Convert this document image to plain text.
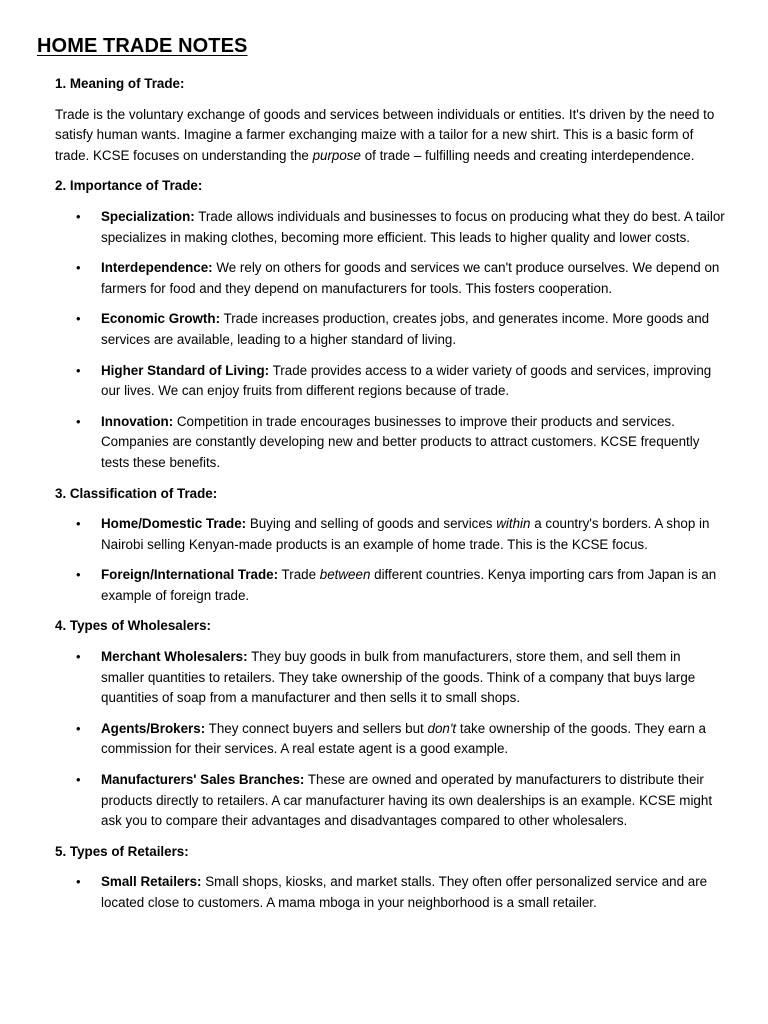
HOME TRADE NOTES

1. Meaning of Trade:

Trade is the voluntary exchange of goods and services between individuals or entities. It's driven by the need to satisfy human wants. Imagine a farmer exchanging maize with a tailor for a new shirt. This is a basic form of trade. KCSE focuses on understanding the purpose of trade – fulfilling needs and creating interdependence.

2. Importance of Trade:

• Specialization: Trade allows individuals and businesses to focus on producing what they do best. A tailor specializes in making clothes, becoming more efficient. This leads to higher quality and lower costs.
• Interdependence: We rely on others for goods and services we can't produce ourselves. We depend on farmers for food and they depend on manufacturers for tools. This fosters cooperation.
• Economic Growth: Trade increases production, creates jobs, and generates income. More goods and services are available, leading to a higher standard of living.
• Higher Standard of Living: Trade provides access to a wider variety of goods and services, improving our lives. We can enjoy fruits from different regions because of trade.
• Innovation: Competition in trade encourages businesses to improve their products and services. Companies are constantly developing new and better products to attract customers. KCSE frequently tests these benefits.

3. Classification of Trade:

• Home/Domestic Trade: Buying and selling of goods and services within a country's borders. A shop in Nairobi selling Kenyan-made products is an example of home trade. This is the KCSE focus.
• Foreign/International Trade: Trade between different countries. Kenya importing cars from Japan is an example of foreign trade.

4. Types of Wholesalers:

• Merchant Wholesalers: They buy goods in bulk from manufacturers, store them, and sell them in smaller quantities to retailers. They take ownership of the goods. Think of a company that buys large quantities of soap from a manufacturer and then sells it to small shops.
• Agents/Brokers: They connect buyers and sellers but don't take ownership of the goods. They earn a commission for their services. A real estate agent is a good example.
• Manufacturers' Sales Branches: These are owned and operated by manufacturers to distribute their products directly to retailers. A car manufacturer having its own dealerships is an example. KCSE might ask you to compare their advantages and disadvantages compared to other wholesalers.

5. Types of Retailers:

• Small Retailers: Small shops, kiosks, and market stalls. They often offer personalized service and are located close to customers. A mama mboga in your neighborhood is a small retailer.
